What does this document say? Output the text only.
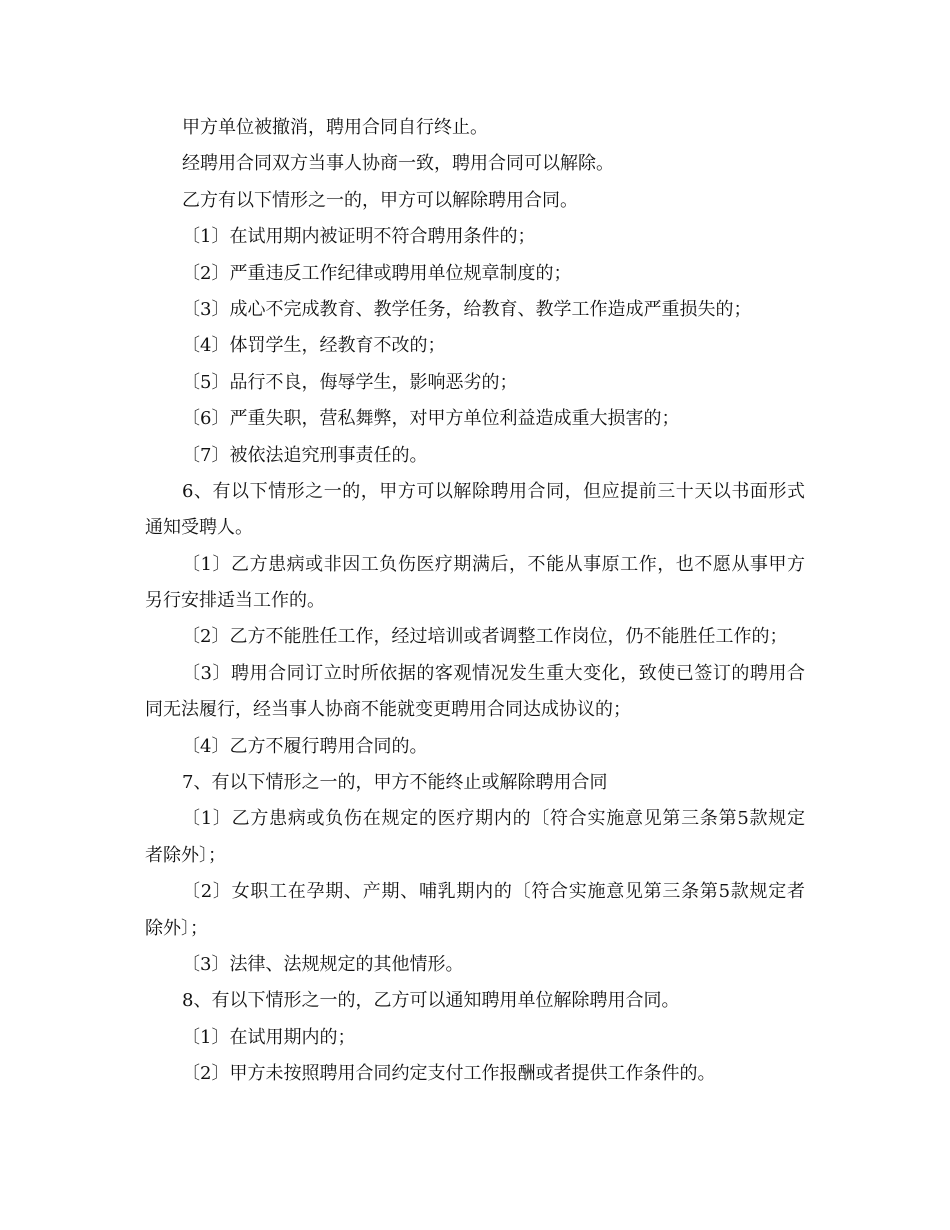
甲方单位被撤消，聘用合同自行终止。
经聘用合同双方当事人协商一致，聘用合同可以解除。
乙方有以下情形之一的，甲方可以解除聘用合同。
〔1〕在试用期内被证明不符合聘用条件的；
〔2〕严重违反工作纪律或聘用单位规章制度的；
〔3〕成心不完成教育、教学任务，给教育、教学工作造成严重损失的；
〔4〕体罚学生，经教育不改的；
〔5〕品行不良，侮辱学生，影响恶劣的；
〔6〕严重失职，营私舞弊，对甲方单位利益造成重大损害的；
〔7〕被依法追究刑事责任的。
6、有以下情形之一的，甲方可以解除聘用合同，但应提前三十天以书面形式
通知受聘人。
〔1〕乙方患病或非因工负伤医疗期满后，不能从事原工作，也不愿从事甲方
另行安排适当工作的。
〔2〕乙方不能胜任工作，经过培训或者调整工作岗位，仍不能胜任工作的；
〔3〕聘用合同订立时所依据的客观情况发生重大变化，致使已签订的聘用合
同无法履行，经当事人协商不能就变更聘用合同达成协议的；
〔4〕乙方不履行聘用合同的。
7、有以下情形之一的，甲方不能终止或解除聘用合同
〔1〕乙方患病或负伤在规定的医疗期内的〔符合实施意见第三条第5款规定
者除外〕；
〔2〕女职工在孕期、产期、哺乳期内的〔符合实施意见第三条第5款规定者
除外〕；
〔3〕法律、法规规定的其他情形。
8、有以下情形之一的，乙方可以通知聘用单位解除聘用合同。
〔1〕在试用期内的；
〔2〕甲方未按照聘用合同约定支付工作报酬或者提供工作条件的。
